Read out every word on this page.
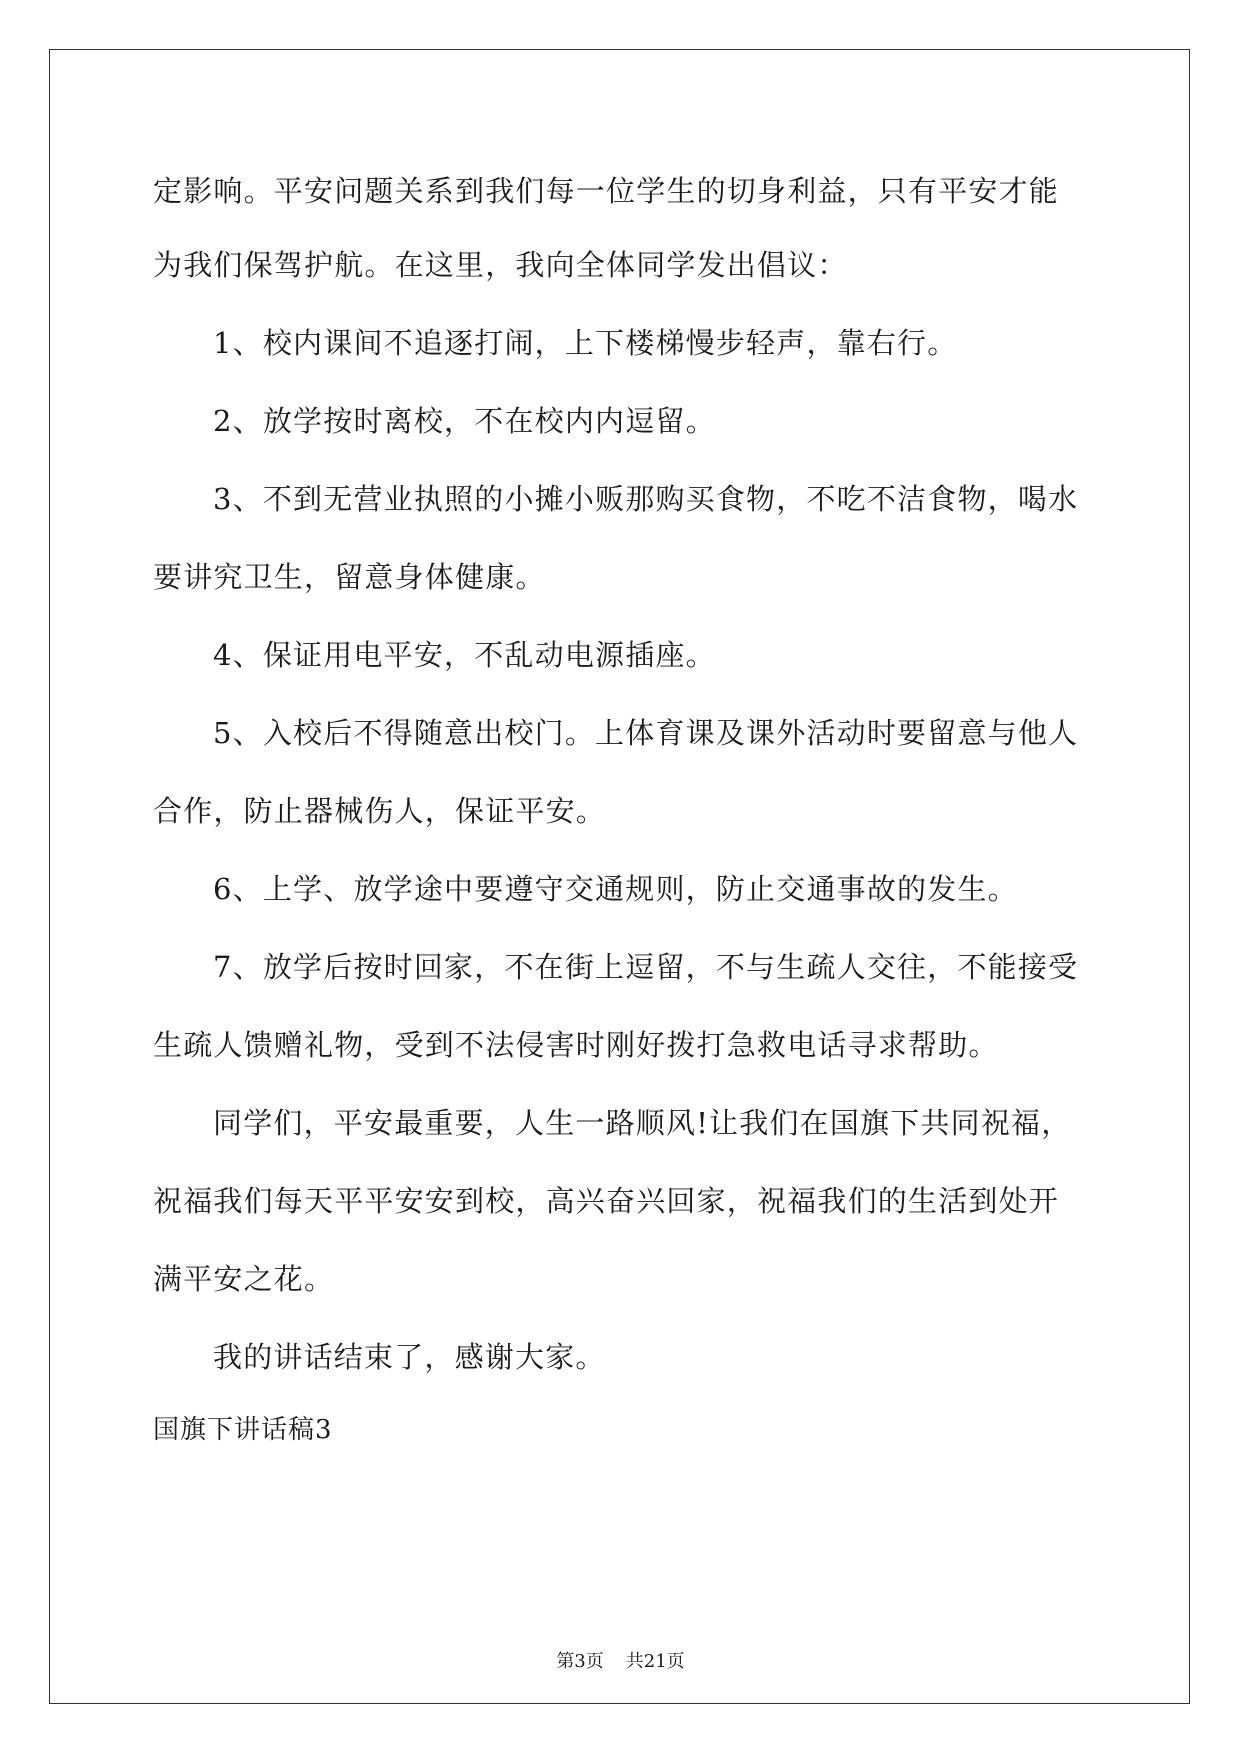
定影响。平安问题关系到我们每一位学生的切身利益，只有平安才能
为我们保驾护航。在这里，我向全体同学发出倡议：
1、校内课间不追逐打闹，上下楼梯慢步轻声，靠右行。
2、放学按时离校，不在校内内逗留。
3、不到无营业执照的小摊小贩那购买食物，不吃不洁食物，喝水
要讲究卫生，留意身体健康。
4、保证用电平安，不乱动电源插座。
5、入校后不得随意出校门。上体育课及课外活动时要留意与他人
合作，防止器械伤人，保证平安。
6、上学、放学途中要遵守交通规则，防止交通事故的发生。
7、放学后按时回家，不在街上逗留，不与生疏人交往，不能接受
生疏人馈赠礼物，受到不法侵害时刚好拨打急救电话寻求帮助。
同学们，平安最重要，人生一路顺风!让我们在国旗下共同祝福，
祝福我们每天平平安安到校，高兴奋兴回家，祝福我们的生活到处开
满平安之花。
我的讲话结束了，感谢大家。
国旗下讲话稿3
第3页 共21页
